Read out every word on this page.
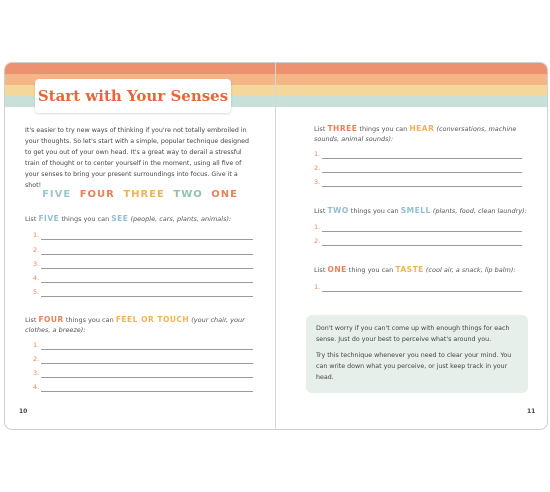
Start with Your Senses

It's easier to try new ways of thinking if you're not totally embroiled in your thoughts. So let's start with a simple, popular technique designed to get you out of your own head. It's a great way to derail a stressful train of thought or to center yourself in the moment, using all five of your senses to bring your present surroundings into focus. Give it a shot!

FIVE FOUR THREE TWO ONE

List FIVE things you can SEE (people, cars, plants, animals):

1.
2.
3.
4.
5.

List FOUR things you can FEEL OR TOUCH (your chair, your clothes, a breeze):

1.
2.
3.
4.
10

List THREE things you can HEAR (conversations, machine sounds, animal sounds):

1.
2.
3.

List TWO things you can SMELL (plants, food, clean laundry):

1.
2.

List ONE thing you can TASTE (cool air, a snack, lip balm):

1.

Don't worry if you can't come up with enough things for each sense. Just do your best to perceive what's around you.

Try this technique whenever you need to clear your mind. You can write down what you perceive, or just keep track in your head.

11
